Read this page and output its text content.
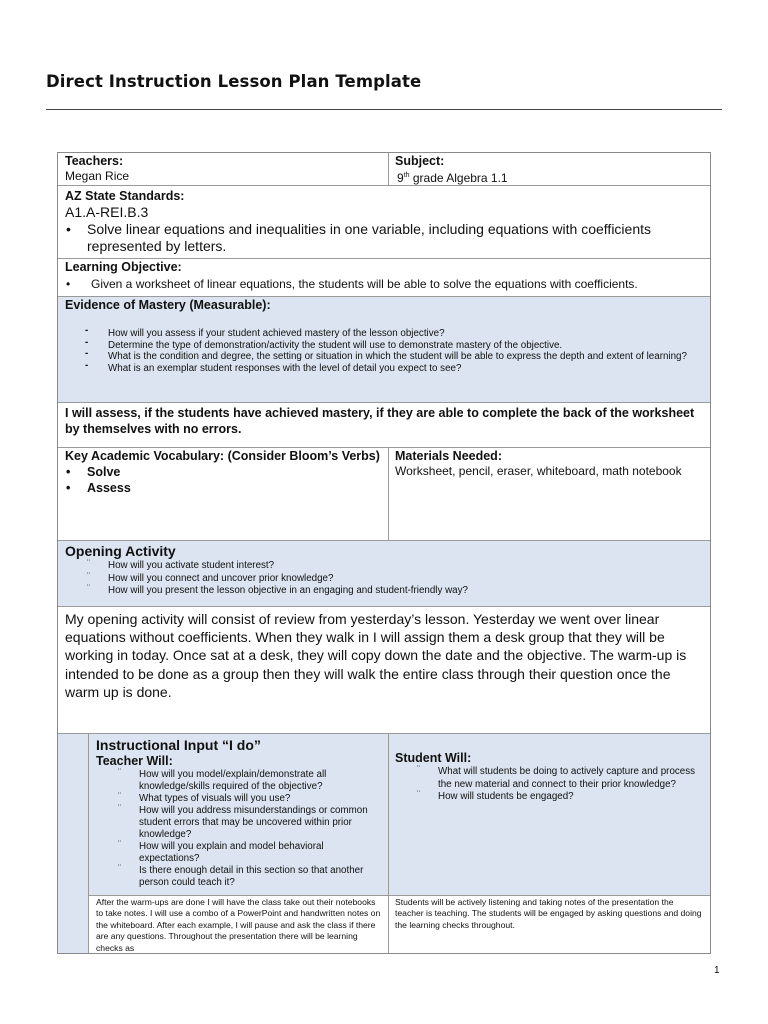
Direct Instruction Lesson Plan Template
Teachers:
Megan Rice
Subject:
9th grade Algebra 1.1
AZ State Standards:
A1.A-REI.B.3
• Solve linear equations and inequalities in one variable, including equations with coefficients represented by letters.
Learning Objective:
• Given a worksheet of linear equations, the students will be able to solve the equations with coefficients.
Evidence of Mastery (Measurable):
- How will you assess if your student achieved mastery of the lesson objective?
- Determine the type of demonstration/activity the student will use to demonstrate mastery of the objective.
- What is the condition and degree, the setting or situation in which the student will be able to express the depth and extent of learning?
- What is an exemplar student responses with the level of detail you expect to see?
I will assess, if the students have achieved mastery, if they are able to complete the back of the worksheet by themselves with no errors.
Key Academic Vocabulary: (Consider Bloom’s Verbs)
• Solve
• Assess
Materials Needed:
Worksheet, pencil, eraser, whiteboard, math notebook
Opening Activity
¨ How will you activate student interest?
¨ How will you connect and uncover prior knowledge?
¨ How will you present the lesson objective in an engaging and student-friendly way?
My opening activity will consist of review from yesterday’s lesson. Yesterday we went over linear equations without coefficients. When they walk in I will assign them a desk group that they will be working in today. Once sat at a desk, they will copy down the date and the objective. The warm-up is intended to be done as a group then they will walk the entire class through their question once the warm up is done.
Instructional Input “I do”
Teacher Will:
¨ How will you model/explain/demonstrate all knowledge/skills required of the objective?
¨ What types of visuals will you use?
¨ How will you address misunderstandings or common student errors that may be uncovered within prior knowledge?
¨ How will you explain and model behavioral expectations?
¨ Is there enough detail in this section so that another person could teach it?
Student Will:
¨ What will students be doing to actively capture and process the new material and connect to their prior knowledge?
¨ How will students be engaged?
After the warm-ups are done I will have the class take out their notebooks to take notes. I will use a combo of a PowerPoint and handwritten notes on the whiteboard. After each example, I will pause and ask the class if there are any questions. Throughout the presentation there will be learning checks as
Students will be actively listening and taking notes of the presentation the teacher is teaching. The students will be engaged by asking questions and doing the learning checks throughout.
1
